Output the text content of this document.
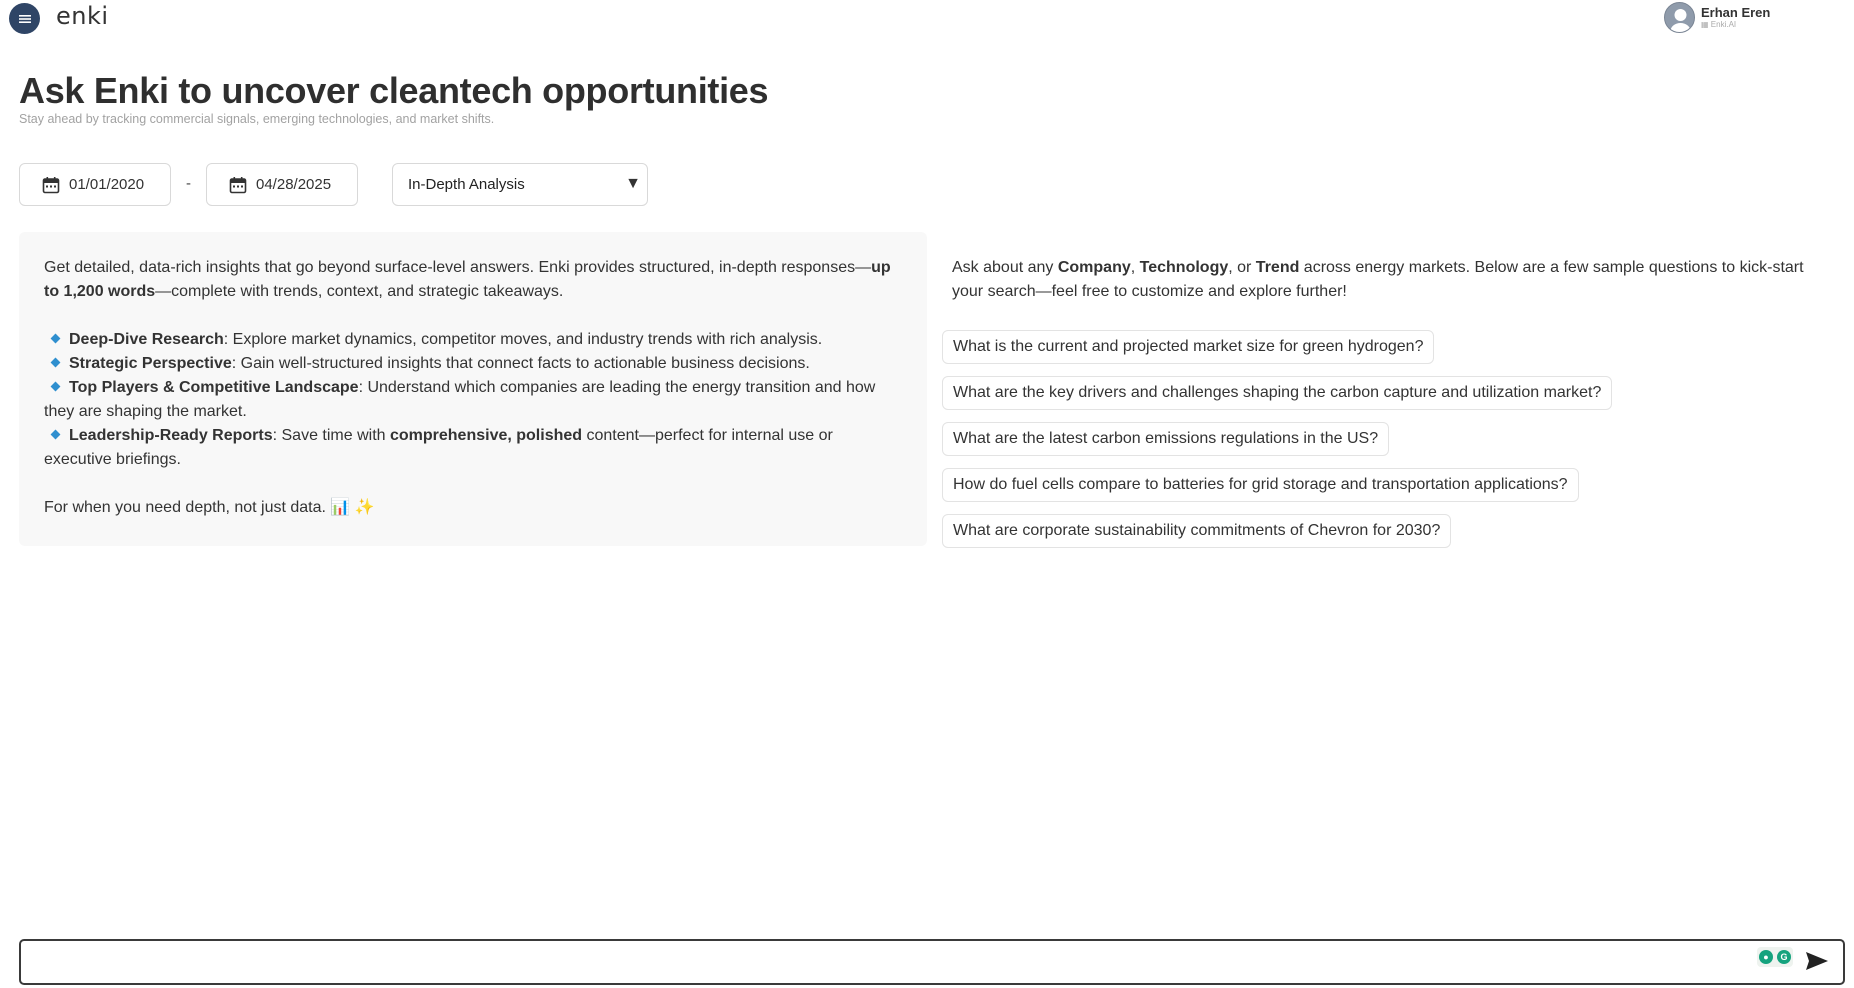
enki	Erhan Eren
▦ Enki.AI
Ask Enki to uncover cleantech opportunities
Stay ahead by tracking commercial signals, emerging technologies, and market shifts.
01/01/2020	-	04/28/2025	In-Depth Analysis	▼

Get detailed, data-rich insights that go beyond surface-level answers. Enki provides structured, in-depth responses—up to 1,200 words—complete with trends, context, and strategic takeaways.

Deep-Dive Research: Explore market dynamics, competitor moves, and industry trends with rich analysis.

Strategic Perspective: Gain well-structured insights that connect facts to actionable business decisions.

Top Players & Competitive Landscape: Understand which companies are leading the energy transition and how they are shaping the market.

Leadership-Ready Reports: Save time with comprehensive, polished content—perfect for internal use or executive briefings.

For when you need depth, not just data. 📊 ✨

Ask about any Company, Technology, or Trend across energy markets. Below are a few sample questions to kick-start your search—feel free to customize and explore further!
What is the current and projected market size for green hydrogen?
What are the key drivers and challenges shaping the carbon capture and utilization market?
What are the latest carbon emissions regulations in the US?
How do fuel cells compare to batteries for grid storage and transportation applications?
What are corporate sustainability commitments of Chevron for 2030?
●	G
